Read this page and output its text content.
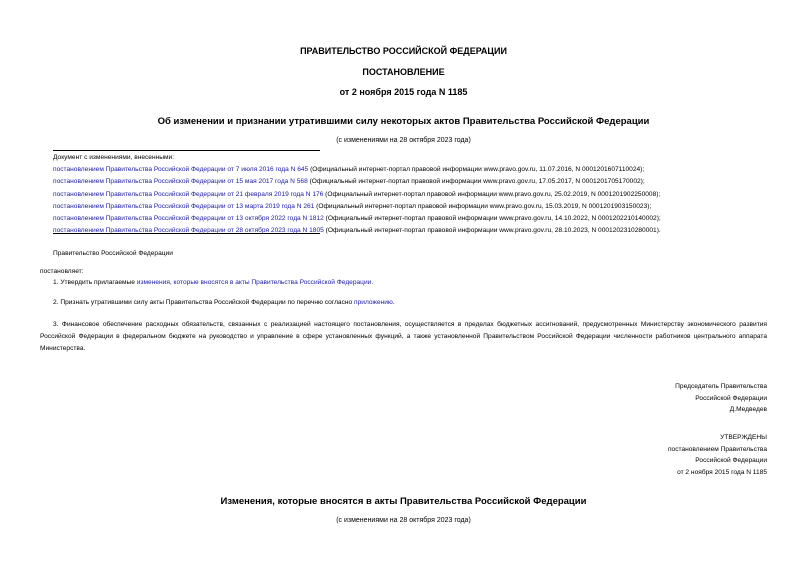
ПРАВИТЕЛЬСТВО РОССИЙСКОЙ ФЕДЕРАЦИИ
ПОСТАНОВЛЕНИЕ
от 2 ноября 2015 года N 1185
Об изменении и признании утратившими силу некоторых актов Правительства Российской Федерации
(с изменениями на 28 октября 2023 года)
Документ с изменениями, внесенными:
постановлением Правительства Российской Федерации от 7 июля 2016 года N 645 (Официальный интернет-портал правовой информации www.pravo.gov.ru, 11.07.2016, N 0001201607110024);
постановлением Правительства Российской Федерации от 15 мая 2017 года N 568 (Официальный интернет-портал правовой информации www.pravo.gov.ru, 17.05.2017, N 0001201705170002);
постановлением Правительства Российской Федерации от 21 февраля 2019 года N 176 (Официальный интернет-портал правовой информации www.pravo.gov.ru, 25.02.2019, N 0001201902250008);
постановлением Правительства Российской Федерации от 13 марта 2019 года N 261 (Официальный интернет-портал правовой информации www.pravo.gov.ru, 15.03.2019, N 0001201903150023);
постановлением Правительства Российской Федерации от 13 октября 2022 года N 1812 (Официальный интернет-портал правовой информации www.pravo.gov.ru, 14.10.2022, N 0001202210140002);
постановлением Правительства Российской Федерации от 28 октября 2023 года N 1805 (Официальный интернет-портал правовой информации www.pravo.gov.ru, 28.10.2023, N 0001202310280001).
Правительство Российской Федерации
постановляет:
1. Утвердить прилагаемые изменения, которые вносятся в акты Правительства Российской Федерации.
2. Признать утратившими силу акты Правительства Российской Федерации по перечню согласно приложению.
3. Финансовое обеспечение расходных обязательств, связанных с реализацией настоящего постановления, осуществляется в пределах бюджетных ассигнований, предусмотренных Министерству экономического развития Российской Федерации в федеральном бюджете на руководство и управление в сфере установленных функций, а также установленной Правительством Российской Федерации численности работников центрального аппарата Министерства.
Председатель Правительства
Российской Федерации
Д.Медведев
УТВЕРЖДЕНЫ
постановлением Правительства
Российской Федерации
от 2 ноября 2015 года N 1185
Изменения, которые вносятся в акты Правительства Российской Федерации
(с изменениями на 28 октября 2023 года)
